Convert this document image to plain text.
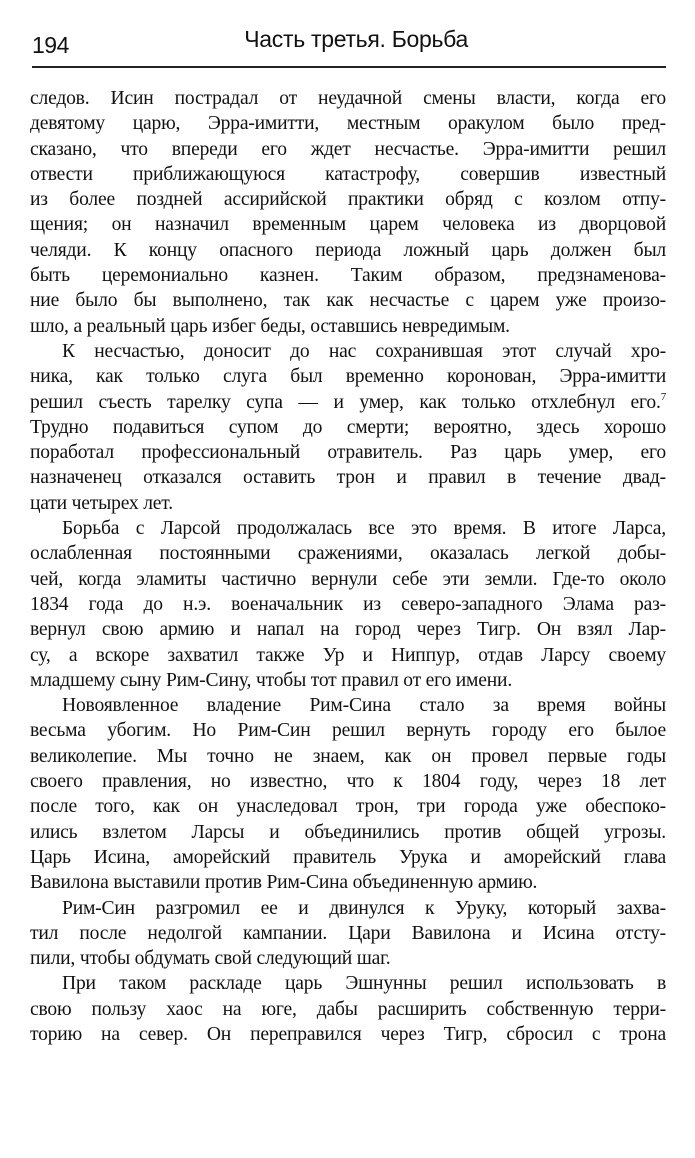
194	Часть третья. Борьба

следов. Исин пострадал от неудачной смены власти, когда его
девятому царю, Эрра-имитти, местным оракулом было пред-
сказано, что впереди его ждет несчастье. Эрра-имитти решил
отвести приближающуюся катастрофу, совершив известный
из более поздней ассирийской практики обряд с козлом отпу-
щения; он назначил временным царем человека из дворцовой
челяди. К концу опасного периода ложный царь должен был
быть церемониально казнен. Таким образом, предзнаменова-
ние было бы выполнено, так как несчастье с царем уже произо-
шло, а реальный царь избег беды, оставшись невредимым.

К несчастью, доносит до нас сохранившая этот случай хро-
ника, как только слуга был временно коронован, Эрра-имитти
решил съесть тарелку супа — и умер, как только отхлебнул его.$^7$
Трудно подавиться супом до смерти; вероятно, здесь хорошо
поработал профессиональный отравитель. Раз царь умер, его
назначенец отказался оставить трон и правил в течение двад-
цати четырех лет.

Борьба с Ларсой продолжалась все это время. В итоге Ларса,
ослабленная постоянными сражениями, оказалась легкой добы-
чей, когда эламиты частично вернули себе эти земли. Где-то около
1834 года до н.э. военачальник из северо-западного Элама раз-
вернул свою армию и напал на город через Тигр. Он взял Лар-
су, а вскоре захватил также Ур и Ниппур, отдав Ларсу своему
младшему сыну Рим-Сину, чтобы тот правил от его имени.

Новоявленное владение Рим-Сина стало за время войны
весьма убогим. Но Рим-Син решил вернуть городу его былое
великолепие. Мы точно не знаем, как он провел первые годы
своего правления, но известно, что к 1804 году, через 18 лет
после того, как он унаследовал трон, три города уже обеспоко-
ились взлетом Ларсы и объединились против общей угрозы.
Царь Исина, аморейский правитель Урука и аморейский глава
Вавилона выставили против Рим-Сина объединенную армию.

Рим-Син разгромил ее и двинулся к Уруку, который захва-
тил после недолгой кампании. Цари Вавилона и Исина отсту-
пили, чтобы обдумать свой следующий шаг.

При таком раскладе царь Эшнунны решил использовать в
свою пользу хаос на юге, дабы расширить собственную терри-
торию на север. Он переправился через Тигр, сбросил с трона
